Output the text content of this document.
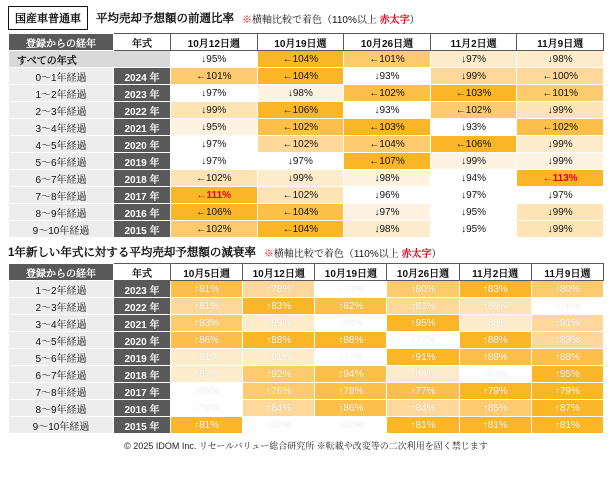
国産車普通車	平均売却予想額の前週比率 ※横軸比較で着色（110%以上 赤太字）
登録からの経年	年式	10月12日週	10月19日週	10月26日週	11月2日週	11月9日週
すべての年式		↓95%	←104%	←101%	↓97%	↓98%
0～1年経過	2024 年	←101%	←104%	↓93%	↓99%	←100%
1～2年経過	2023 年	↓97%	↓98%	←102%	←103%	←101%
2～3年経過	2022 年	↓99%	←106%	↓93%	←102%	↓99%
3～4年経過	2021 年	↓95%	←102%	←103%	↓93%	←102%
4～5年経過	2020 年	↓97%	←102%	←104%	←106%	↓99%
5～6年経過	2019 年	↓97%	↓97%	←107%	↓99%	↓99%
6～7年経過	2018 年	←102%	↓99%	↓98%	↓94%	←113%
7～8年経過	2017 年	←111%	←102%	↓96%	↓97%	↓97%
8～9年経過	2016 年	←106%	←104%	↓97%	↓95%	↓99%
9～10年経過	2015 年	←102%	←104%	↓98%	↓95%	↓99%
1年新しい年式に対する平均売却予想額の減衰率 ※横軸比較で着色（110%以上 赤太字）
登録からの経年	年式	10月5日週	10月12日週	10月19日週	10月26日週	11月2日週	11月9日週
1～2年経過	2023 年	↑81%	↑78%	↑73%	↑80%	↑83%	↑80%
2～3年経過	2022 年	↑81%	↑83%	↑82%	↑81%	↑80%	↑78%
3～4年経過	2021 年	↑93%	↑89%	↑86%	↑95%	↑88%	↑91%
4～5年経過	2020 年	↑86%	↑88%	↑88%	↑77%	↑88%	↑83%
5～6年経過	2019 年	↑81%	↑81%	↑77%	↑91%	↑88%	↑88%
6～7年経過	2018 年	↑87%	↑92%	↑94%	↑86%	↑83%	↑95%
7～8年経過	2017 年	↑69%	↑76%	↑78%	↑77%	↑79%	↑79%
8～9年経過	2016 年	↑79%	↑84%	↑86%	↑84%	↑85%	↑87%
9～10年経過	2015 年	↑81%	↑80%	↑80%	↑81%	↑81%	↑81%
© 2025 IDOM Inc. リセールバリュー総合研究所 ※転載や改変等の二次利用を固く禁じます
